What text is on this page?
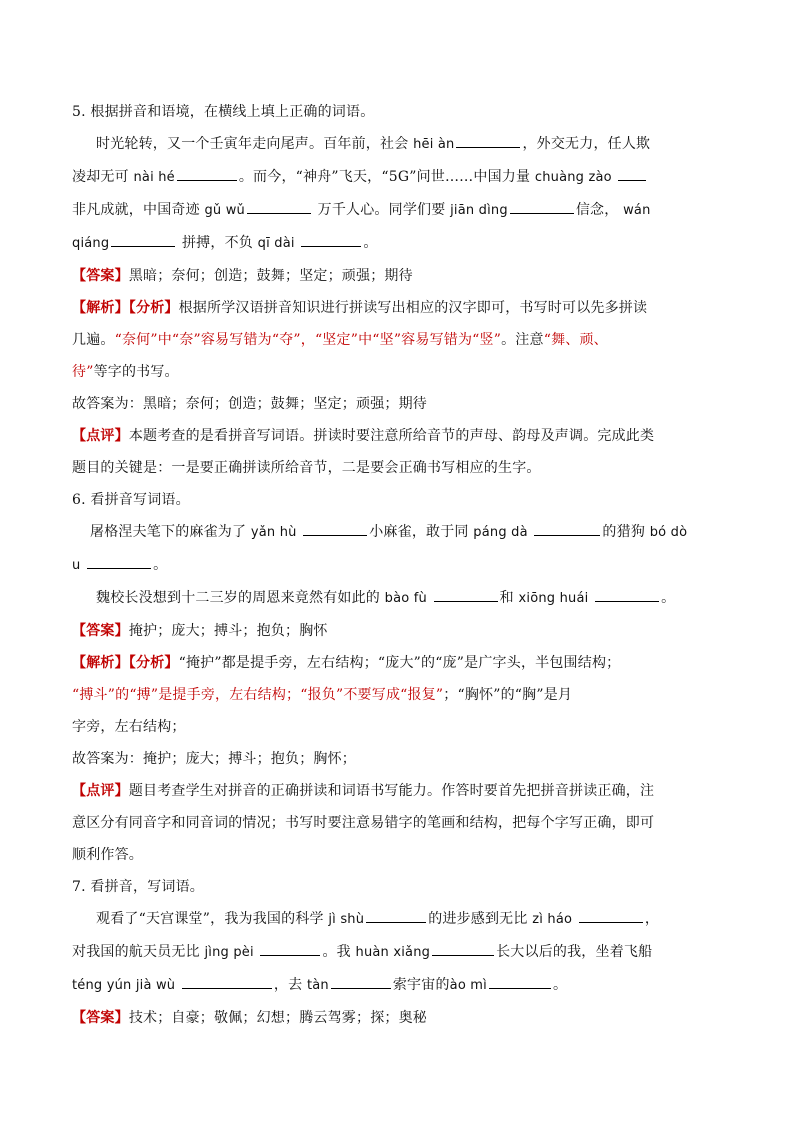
5. 根据拼音和语境，在横线上填上正确的词语。
时光轮转，又一个壬寅年走向尾声。百年前，社会 hēi àn	，外交无力，任人欺
凌却无可 nài hé	。而今，“神舟”飞天，“5G”问世……中国力量 chuàng zào
非凡成就，中国奇迹 gǔ wǔ	万千人心。同学们要 jiān dìng	信念， wán
qiáng	拼搏，不负 qī dài	。
【答案】黑暗；奈何；创造；鼓舞；坚定；顽强；期待
【解析】【分析】根据所学汉语拼音知识进行拼读写出相应的汉字即可，书写时可以先多拼读
几遍。“奈何”中“奈”容易写错为“夺”，“坚定”中“坚”容易写错为“竖”。注意“舞、顽、
待”等字的书写。
故答案为：黑暗；奈何；创造；鼓舞；坚定；顽强；期待
【点评】本题考查的是看拼音写词语。拼读时要注意所给音节的声母、韵母及声调。完成此类
题目的关键是：一是要正确拼读所给音节，二是要会正确书写相应的生字。
6. 看拼音写词语。
屠格涅夫笔下的麻雀为了 yǎn hù	小麻雀，敢于同 páng dà	的猎狗 bó dò
u	。
魏校长没想到十二三岁的周恩来竟然有如此的 bào fù	和 xiōng huái	。
【答案】掩护；庞大；搏斗；抱负；胸怀
【解析】【分析】“掩护”都是提手旁，左右结构；“庞大”的“庞”是广字头，半包围结构；
“搏斗”的“搏”是提手旁，左右结构；“报负”不要写成“报复”；“胸怀”的“胸”是月
字旁，左右结构；
故答案为：掩护；庞大；搏斗；抱负；胸怀；
【点评】题目考查学生对拼音的正确拼读和词语书写能力。作答时要首先把拼音拼读正确，注
意区分有同音字和同音词的情况；书写时要注意易错字的笔画和结构，把每个字写正确，即可
顺利作答。
7. 看拼音，写词语。
观看了“天宫课堂”，我为我国的科学 jì shù	的进步感到无比 zì háo	，
对我国的航天员无比 jìng pèi	。我 huàn xiǎng	长大以后的我，坐着飞船
téng yún jià wù	，去 tàn	索宇宙的ào mì	。
【答案】技术；自豪；敬佩；幻想；腾云驾雾；探；奥秘
